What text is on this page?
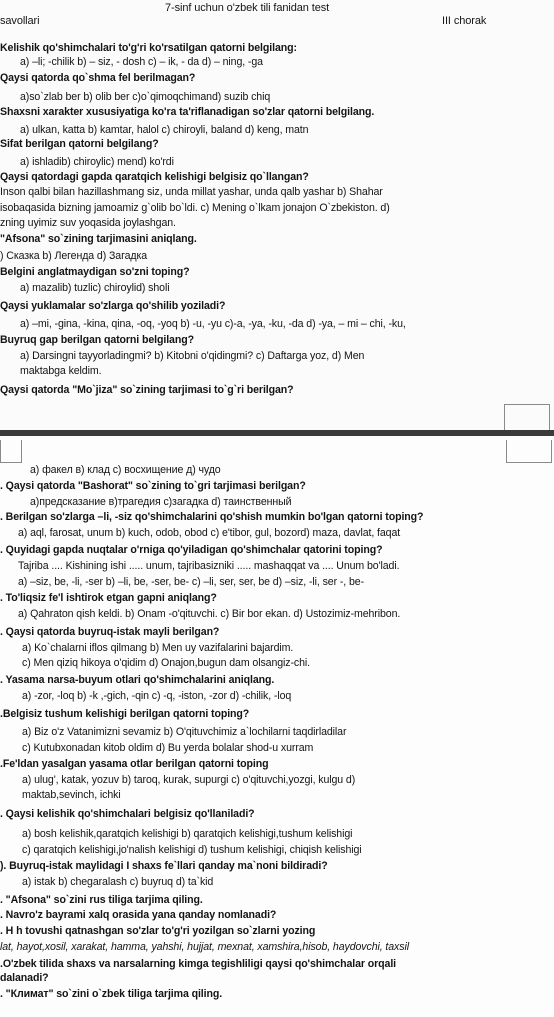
7-sinf uchun o'zbek tili fanidan test
savollari	III chorak
Kelishik qo'shimchalari to'g'ri ko'rsatilgan qatorni belgilang:
a) –li; -chilik b) – siz, - dosh c) – ik, - da d) – ning, -ga
Qaysi qatorda qo`shma fel berilmagan?
a)so`zlab ber b) olib ber c)o`qimoqchimand) suzib chiq
Shaxsni xarakter xususiyatiga ko'ra ta'riflanadigan so'zlar qatorni belgilang.
a) ulkan, katta b) kamtar, halol c) chiroyli, baland d) keng, matn
Sifat berilgan qatorni belgilang?
a) ishladib) chiroylic) mend) ko'rdi
Qaysi qatordagi gapda qaratqich kelishigi belgisiz qo`llangan?
Inson qalbi bilan hazillashmang siz, unda millat yashar, unda qalb yashar b) Shahar
isobaqasida bizning jamoamiz g`olib bo`ldi. c) Mening o`lkam jonajon O`zbekiston. d)
zning uyimiz suv yoqasida joylashgan.
"Afsona" so`zining tarjimasini aniqlang.
) Сказка b) Легенда d) Загадка
Belgini anglatmaydigan so'zni toping?
a) mazalib) tuzlic) chiroylid) sholi
Qaysi yuklamalar so'zlarga qo'shilib yoziladi?
a) –mi, -gina, -kina, qina, -oq, -yoq b) -u, -yu c)-a, -ya, -ku, -da d) -ya, – mi – chi, -ku,
Buyruq gap berilgan qatorni belgilang?
a) Darsingni tayyorladingmi? b) Kitobni o'qidingmi? c) Daftarga yoz, d) Men
maktabga keldim.
Qaysi qatorda "Mo`jiza" so`zining tarjimasi to`g`ri berilgan?
a) факел в) клад c) восхищение д) чудо
. Qaysi qatorda "Bashorat" so`zining to`gri tarjimasi berilgan?
a)предсказание в)трагедия c)загадка d) таинственный
. Berilgan so'zlarga –li, -siz qo'shimchalarini qo'shish mumkin bo'lgan qatorni toping?
a) aql, farosat, unum b) kuch, odob, obod c) e'tibor, gul, bozord) maza, davlat, faqat
. Quyidagi gapda nuqtalar o'rniga qo'yiladigan qo'shimchalar qatorini toping?
Tajriba .... Kishining ishi ..... unum, tajribasizniki ..... mashaqqat va .... Unum bo'ladi.
a) –siz, be, -li, -ser b) –li, be, -ser, be- c) –li, ser, ser, be d) –siz, -li, ser -, be-
. To'liqsiz fe'l ishtirok etgan gapni aniqlang?
a) Qahraton qish keldi. b) Onam -o'qituvchi. c) Bir bor ekan. d) Ustozimiz-mehribon.
. Qaysi qatorda buyruq-istak mayli berilgan?
a) Ko`chalarni iflos qilmang b) Men uy vazifalarini bajardim.
c) Men qiziq hikoya o'qidim d) Onajon,bugun dam olsangiz-chi.
. Yasama narsa-buyum otlari qo'shimchalarini aniqlang.
a) -zor, -loq b) -k ,-gich, -qin c) -q, -iston, -zor d) -chilik, -loq
.Belgisiz tushum kelishigi berilgan qatorni toping?
a) Biz o'z Vatanimizni sevamiz b) O'qituvchimiz a`lochilarni taqdirladilar
c) Kutubxonadan kitob oldim d) Bu yerda bolalar shod-u xurram
.Fe'ldan yasalgan yasama otlar berilgan qatorni toping
a) ulug', katak, yozuv b) taroq, kurak, supurgi c) o'qituvchi,yozgi, kulgu d)
maktab,sevinch, ichki
. Qaysi kelishik qo'shimchalari belgisiz qo'llaniladi?
a) bosh kelishik,qaratqich kelishigi b) qaratqich kelishigi,tushum kelishigi
c) qaratqich kelishigi,jo'nalish kelishigi d) tushum kelishigi, chiqish kelishigi
). Buyruq-istak maylidagi I shaxs fe`llari qanday ma`noni bildiradi?
a) istak b) chegaralash c) buyruq d) ta`kid
. "Afsona" so`zini rus tiliga tarjima qiling.
. Navro'z bayrami xalq orasida yana qanday nomlanadi?
. H h tovushi qatnashgan so'zlar to'g'ri yozilgan so`zlarni yozing
lat, hayot,xosil, xarakat, hamma, yahshi, hujjat, mexnat, xamshira,hisob, haydovchi, taxsil
.O'zbek tilida shaxs va narsalarning kimga tegishliligi qaysi qo'shimchalar orqali
dalanadi?
. "Климат" so`zini o`zbek tiliga tarjima qiling.
